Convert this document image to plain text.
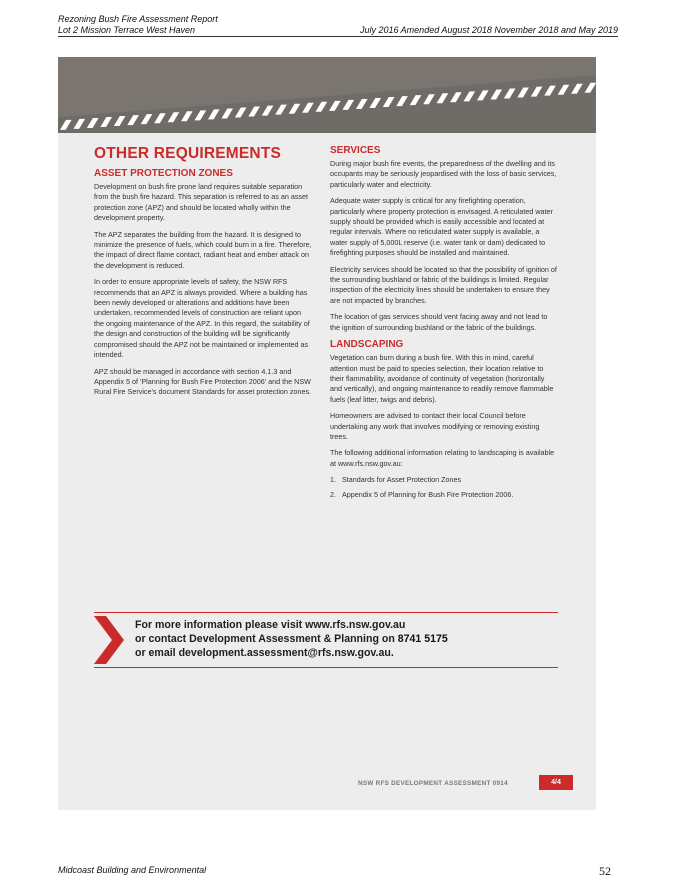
Rezoning Bush Fire Assessment Report
Lot 2 Mission Terrace West Haven	July 2016 Amended August 2018 November 2018 and May 2019
OTHER REQUIREMENTS
ASSET PROTECTION ZONES

Development on bush fire prone land requires suitable separation from the bush fire hazard. This separation is referred to as an asset protection zone (APZ) and should be located wholly within the development property.

The APZ separates the building from the hazard. It is designed to minimize the presence of fuels, which could burn in a fire. Therefore, the impact of direct flame contact, radiant heat and ember attack on the development is reduced.

In order to ensure appropriate levels of safety, the NSW RFS recommends that an APZ is always provided. Where a building has been newly developed or alterations and additions have been undertaken, recommended levels of construction are reliant upon the ongoing maintenance of the APZ. In this regard, the suitability of the design and construction of the building will be significantly compromised should the APZ not be maintained or implemented as intended.

APZ should be managed in accordance with section 4.1.3 and Appendix 5 of 'Planning for Bush Fire Protection 2006' and the NSW Rural Fire Service's document Standards for asset protection zones.

SERVICES

During major bush fire events, the preparedness of the dwelling and its occupants may be seriously jeopardised with the loss of basic services, particularly water and electricity.

Adequate water supply is critical for any firefighting operation, particularly where property protection is envisaged. A reticulated water supply should be provided which is easily accessible and located at regular intervals. Where no reticulated water supply is available, a water supply of 5,000L reserve (i.e. water tank or dam) dedicated to firefighting purposes should be installed and maintained.

Electricity services should be located so that the possibility of ignition of the surrounding bushland or fabric of the buildings is limited. Regular inspection of the electricity lines should be undertaken to ensure they are not impacted by branches.

The location of gas services should vent facing away and not lead to the ignition of surrounding bushland or the fabric of the buildings.

LANDSCAPING

Vegetation can burn during a bush fire. With this in mind, careful attention must be paid to species selection, their location relative to their flammability, avoidance of continuity of vegetation (horizontally and vertically), and ongoing maintenance to readily remove flammable fuels (leaf litter, twigs and debris).

Homeowners are advised to contact their local Council before undertaking any work that involves modifying or removing existing trees.

The following additional information relating to landscaping is available at www.rfs.nsw.gov.au:

1. Standards for Asset Protection Zones
2. Appendix 5 of Planning for Bush Fire Protection 2006.
For more information please visit www.rfs.nsw.gov.au
or contact Development Assessment & Planning on 8741 5175
or email development.assessment@rfs.nsw.gov.au.
NSW RFS DEVELOPMENT ASSESSMENT 0914	4/4
Midcoast Building and Environmental	52
